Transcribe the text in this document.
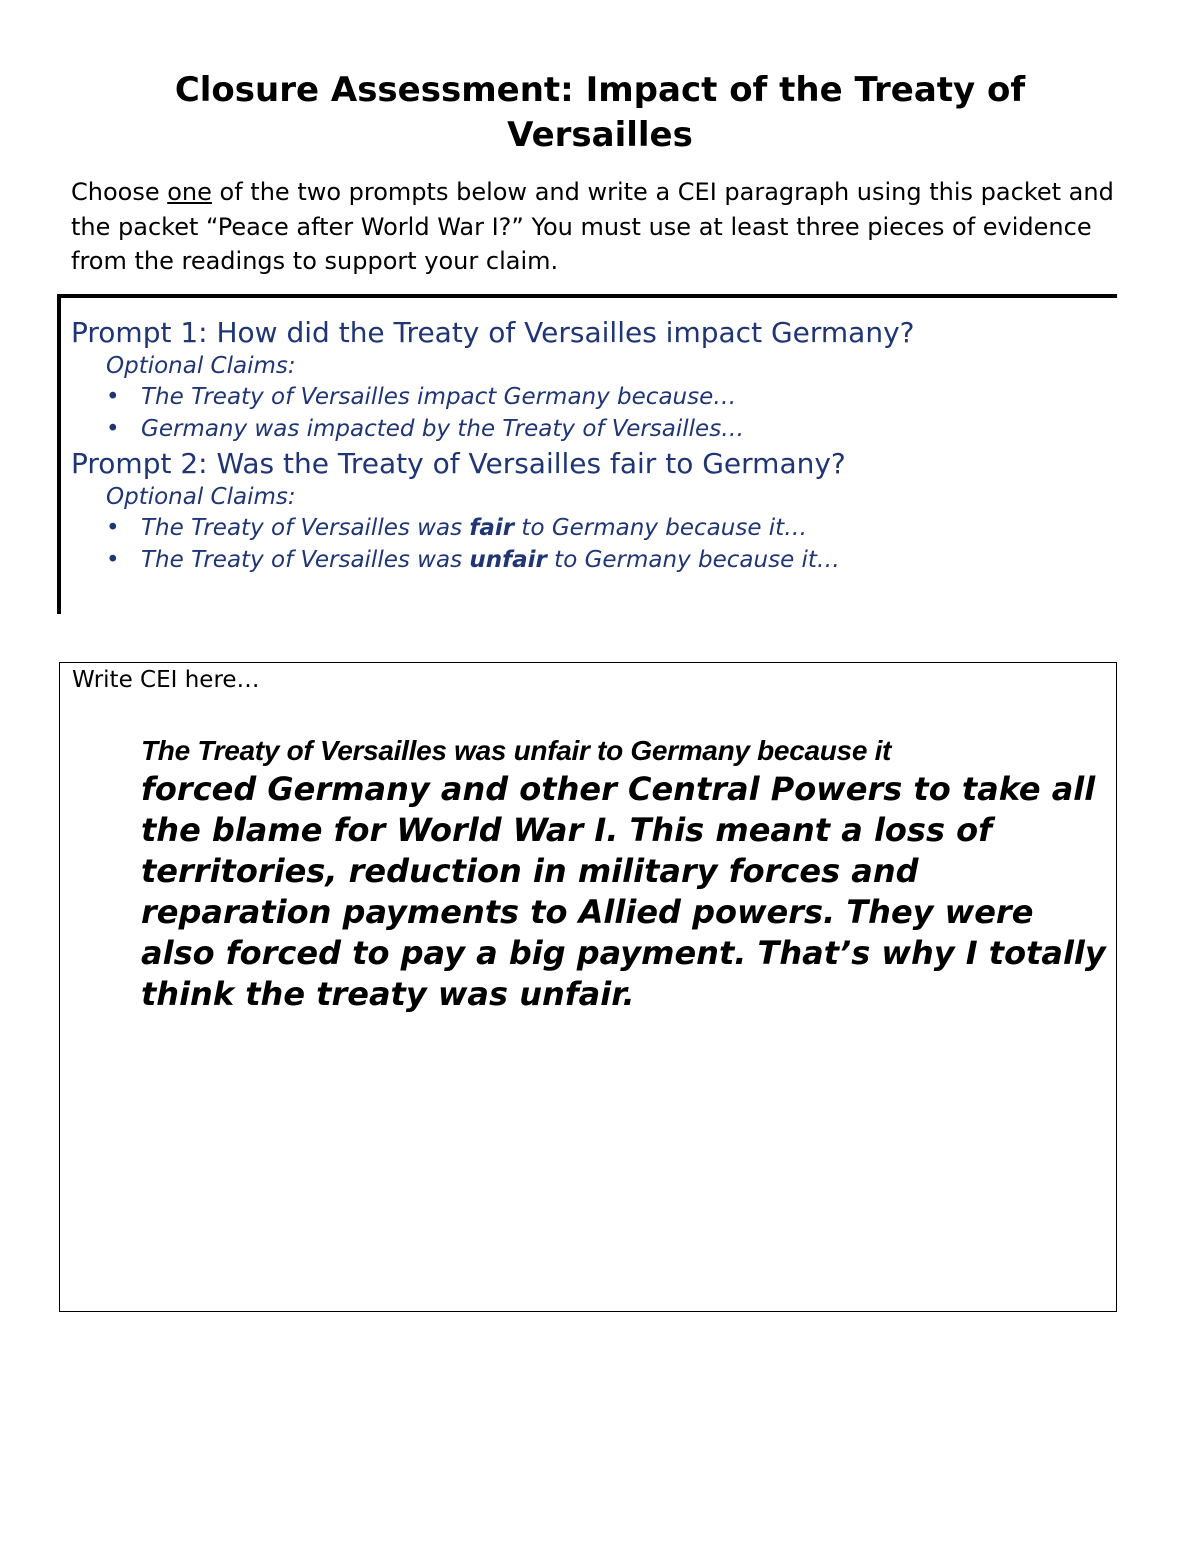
Closure Assessment: Impact of the Treaty of
Versailles

Choose one of the two prompts below and write a CEI paragraph using this packet and the packet “Peace after World War I?” You must use at least three pieces of evidence from the readings to support your claim.

Prompt 1: How did the Treaty of Versailles impact Germany?

Optional Claims:

• The Treaty of Versailles impact Germany because…
• Germany was impacted by the Treaty of Versailles…

Prompt 2: Was the Treaty of Versailles fair to Germany?

Optional Claims:

• The Treaty of Versailles was fair to Germany because it…
• The Treaty of Versailles was unfair to Germany because it…

Write CEI here…

The Treaty of Versailles was unfair to Germany because it
forced Germany and other Central Powers to take all the blame for World War I. This meant a loss of territories, reduction in military forces and reparation payments to Allied powers. They were also forced to pay a big payment. That’s why I totally think the treaty was unfair.
